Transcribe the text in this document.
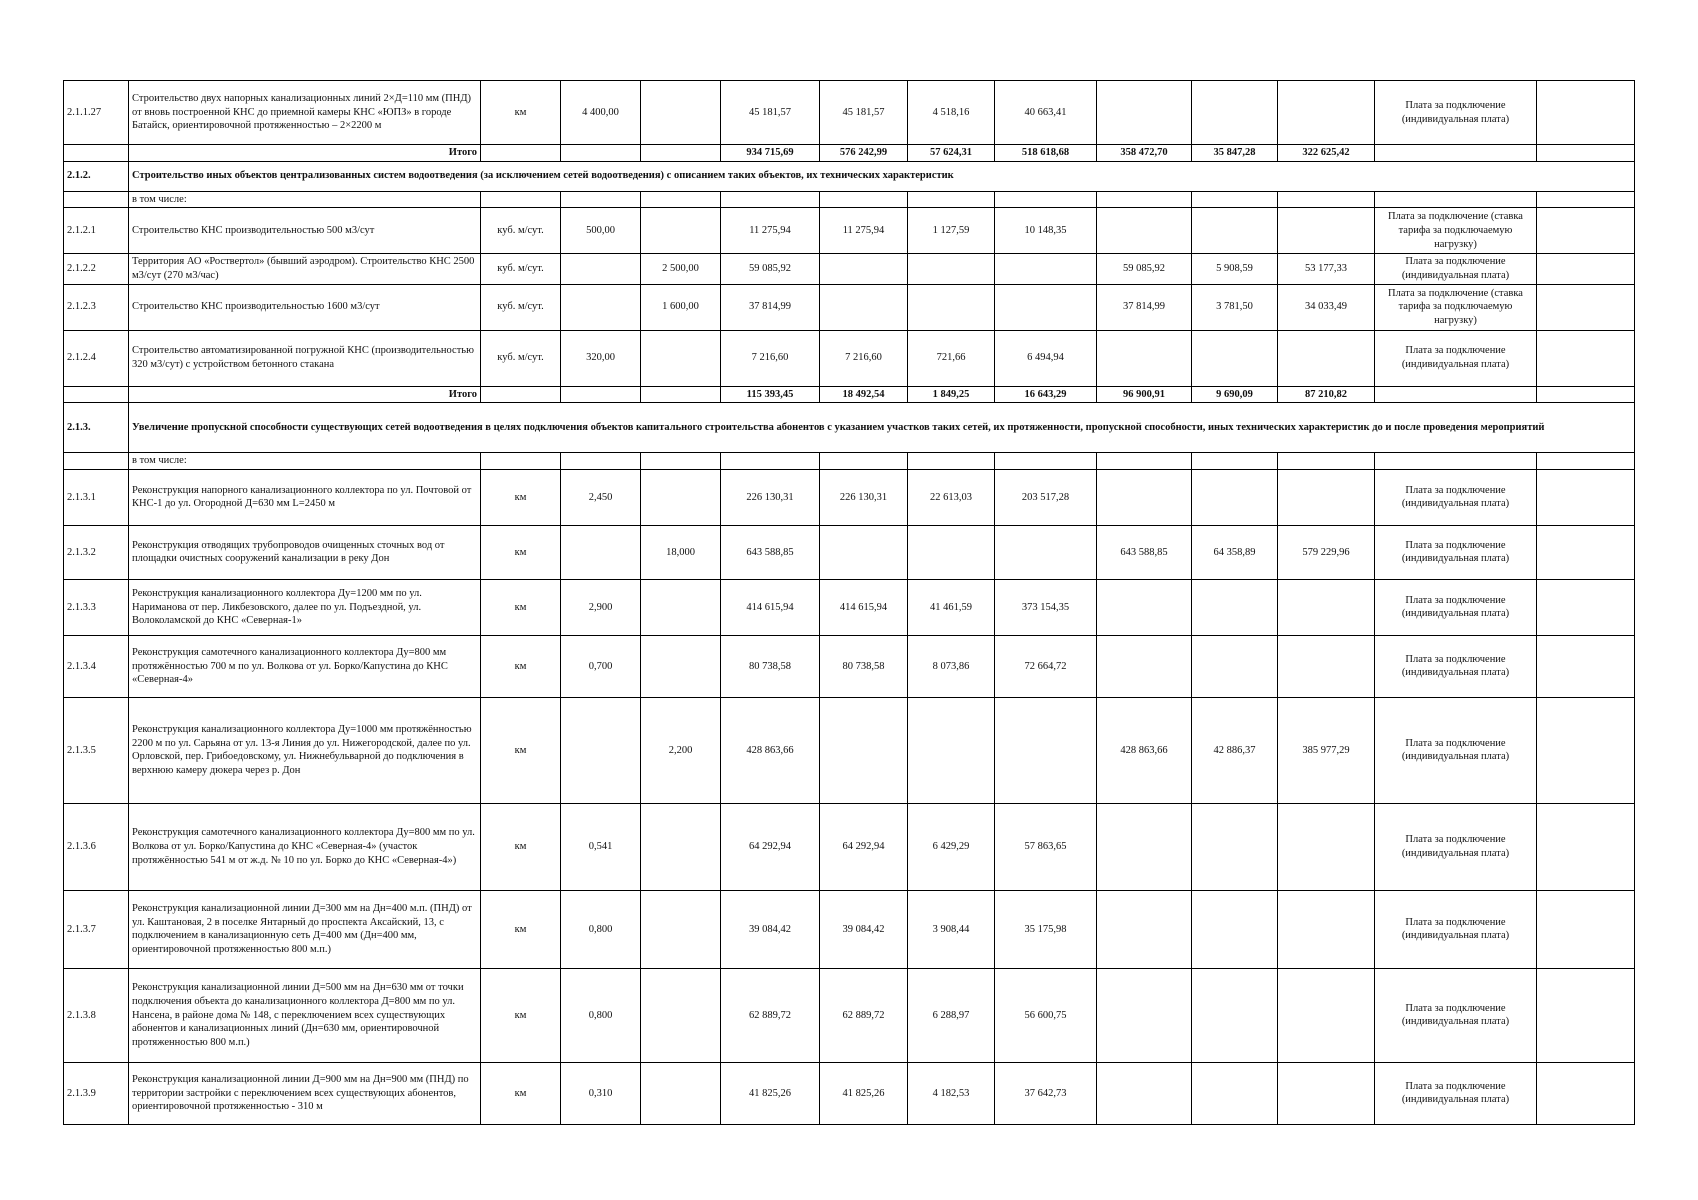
2.1.1.27	Строительство двух напорных канализационных линий 2×Д=110 мм (ПНД) от вновь построенной КНС до приемной камеры КНС «ЮПЗ» в городе Батайск, ориентировочной протяженностью – 2×2200 м	км	4 400,00		45 181,57	45 181,57	4 518,16	40 663,41				Плата за подключение (индивидуальная плата)	
	Итого				934 715,69	576 242,99	57 624,31	518 618,68	358 472,70	35 847,28	322 625,42		
2.1.2.	Строительство иных объектов централизованных систем водоотведения (за исключением сетей водоотведения) с описанием таких объектов, их технических характеристик												
	в том числе:												
2.1.2.1	Строительство КНС производительностью 500 м3/сут	куб. м/сут.	500,00		11 275,94	11 275,94	1 127,59	10 148,35				Плата за подключение (ставка тарифа за подключаемую нагрузку)	
2.1.2.2	Территория АО «Роствертол» (бывший аэродром). Строительство КНС 2500 м3/сут (270 м3/час)	куб. м/сут.		2 500,00	59 085,92				59 085,92	5 908,59	53 177,33	Плата за подключение (индивидуальная плата)	
2.1.2.3	Строительство КНС производительностью 1600 м3/сут	куб. м/сут.		1 600,00	37 814,99				37 814,99	3 781,50	34 033,49	Плата за подключение (ставка тарифа за подключаемую нагрузку)	
2.1.2.4	Строительство автоматизированной погружной КНС (производительностью 320 м3/сут) с устройством бетонного стакана	куб. м/сут.	320,00		7 216,60	7 216,60	721,66	6 494,94				Плата за подключение (индивидуальная плата)	
	Итого				115 393,45	18 492,54	1 849,25	16 643,29	96 900,91	9 690,09	87 210,82		
2.1.3.	Увеличение пропускной способности существующих сетей водоотведения в целях подключения объектов капитального строительства абонентов с указанием участков таких сетей, их протяженности, пропускной способности, иных технических характеристик до и после проведения мероприятий												
	в том числе:												
2.1.3.1	Реконструкция напорного канализационного коллектора по ул. Почтовой от КНС-1 до ул. Огородной Д=630 мм L=2450 м	км	2,450		226 130,31	226 130,31	22 613,03	203 517,28				Плата за подключение (индивидуальная плата)	
2.1.3.2	Реконструкция отводящих трубопроводов очищенных сточных вод от площадки очистных сооружений канализации в реку Дон	км		18,000	643 588,85				643 588,85	64 358,89	579 229,96	Плата за подключение (индивидуальная плата)	
2.1.3.3	Реконструкция канализационного коллектора Ду=1200 мм по ул. Нариманова от пер. Ликбезовского, далее по ул. Подъездной, ул. Волоколамской до КНС «Северная-1»	км	2,900		414 615,94	414 615,94	41 461,59	373 154,35				Плата за подключение (индивидуальная плата)	
2.1.3.4	Реконструкция самотечного канализационного коллектора Ду=800 мм протяжённостью 700 м по ул. Волкова от ул. Борко/Капустина до КНС «Северная-4»	км	0,700		80 738,58	80 738,58	8 073,86	72 664,72				Плата за подключение (индивидуальная плата)	
2.1.3.5	Реконструкция канализационного коллектора Ду=1000 мм протяжённостью 2200 м по ул. Сарьяна от ул. 13-я Линия до ул. Нижегородской, далее по ул. Орловской, пер. Грибоедовскому, ул. Нижнебульварной до подключения в верхнюю камеру дюкера через р. Дон	км		2,200	428 863,66				428 863,66	42 886,37	385 977,29	Плата за подключение (индивидуальная плата)	
2.1.3.6	Реконструкция самотечного канализационного коллектора Ду=800 мм по ул. Волкова от ул. Борко/Капустина до КНС «Северная-4» (участок протяжённостью 541 м от ж.д. № 10 по ул. Борко до КНС «Северная-4»)	км	0,541		64 292,94	64 292,94	6 429,29	57 863,65				Плата за подключение (индивидуальная плата)	
2.1.3.7	Реконструкция канализационной линии Д=300 мм на Дн=400 м.п. (ПНД) от ул. Каштановая, 2 в поселке Янтарный до проспекта Аксайский, 13, с подключением в канализационную сеть Д=400 мм (Дн=400 мм, ориентировочной протяженностью 800 м.п.)	км	0,800		39 084,42	39 084,42	3 908,44	35 175,98				Плата за подключение (индивидуальная плата)	
2.1.3.8	Реконструкция канализационной линии Д=500 мм на Дн=630 мм от точки подключения объекта до канализационного коллектора Д=800 мм по ул. Нансена, в районе дома № 148, с переключением всех существующих абонентов и канализационных линий (Дн=630 мм, ориентировочной протяженностью 800 м.п.)	км	0,800		62 889,72	62 889,72	6 288,97	56 600,75				Плата за подключение (индивидуальная плата)	
2.1.3.9	Реконструкция канализационной линии Д=900 мм на Дн=900 мм (ПНД) по территории застройки с переключением всех существующих абонентов, ориентировочной протяженностью - 310 м	км	0,310		41 825,26	41 825,26	4 182,53	37 642,73				Плата за подключение (индивидуальная плата)	
